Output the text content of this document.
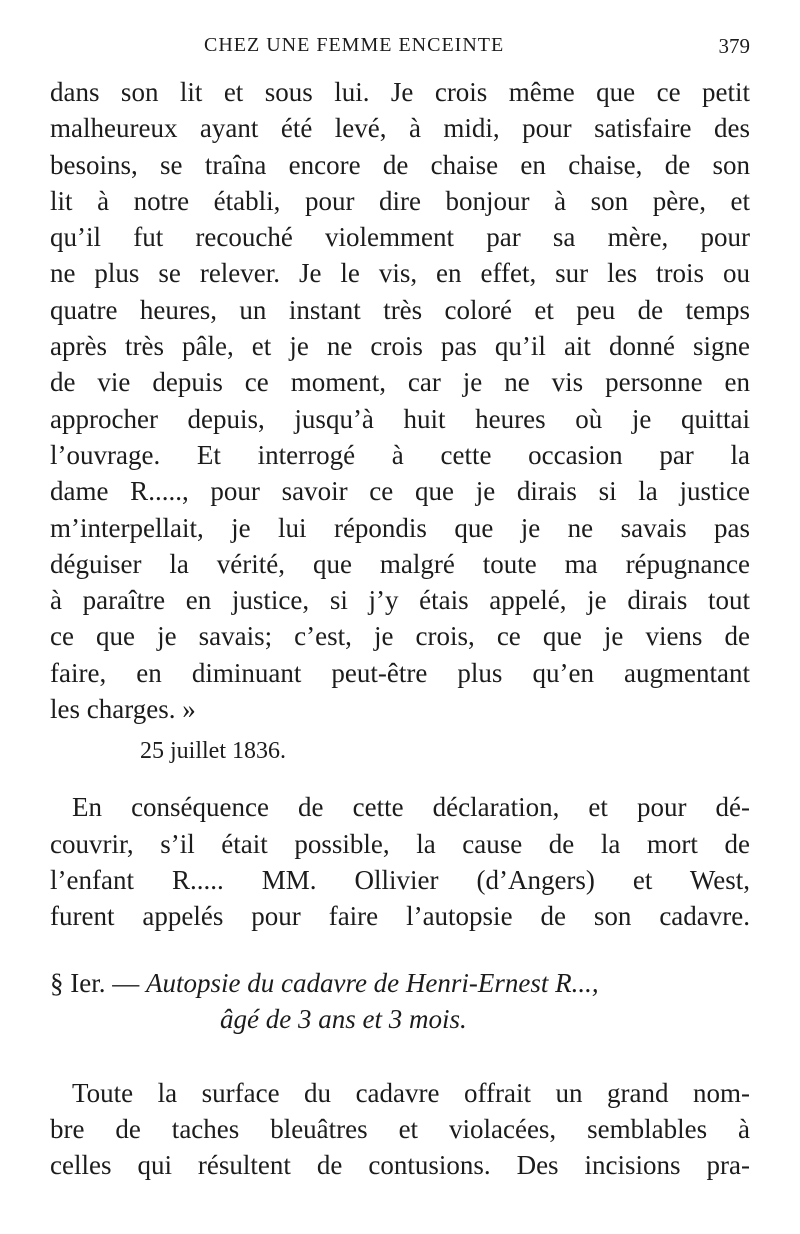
CHEZ UNE FEMME ENCEINTE	379
dans son lit et sous lui. Je crois même que ce petit
malheureux ayant été levé, à midi, pour satisfaire des
besoins, se traîna encore de chaise en chaise, de son
lit à notre établi, pour dire bonjour à son père, et
qu’il fut recouché violemment par sa mère, pour
ne plus se relever. Je le vis, en effet, sur les trois ou
quatre heures, un instant très coloré et peu de temps
après très pâle, et je ne crois pas qu’il ait donné signe
de vie depuis ce moment, car je ne vis personne en
approcher depuis, jusqu’à huit heures où je quittai
l’ouvrage. Et interrogé à cette occasion par la
dame R....., pour savoir ce que je dirais si la justice
m’interpellait, je lui répondis que je ne savais pas
déguiser la vérité, que malgré toute ma répugnance
à paraître en justice, si j’y étais appelé, je dirais tout
ce que je savais; c’est, je crois, ce que je viens de
faire, en diminuant peut-être plus qu’en augmentant
les charges. »
25 juillet 1836.
En conséquence de cette déclaration, et pour dé-
couvrir, s’il était possible, la cause de la mort de
l’enfant R..... MM. Ollivier (d’Angers) et West,
furent appelés pour faire l’autopsie de son cadavre.
§ Ier. — Autopsie du cadavre de Henri-Ernest R...,
âgé de 3 ans et 3 mois.
Toute la surface du cadavre offrait un grand nom-
bre de taches bleuâtres et violacées, semblables à
celles qui résultent de contusions. Des incisions pra-
